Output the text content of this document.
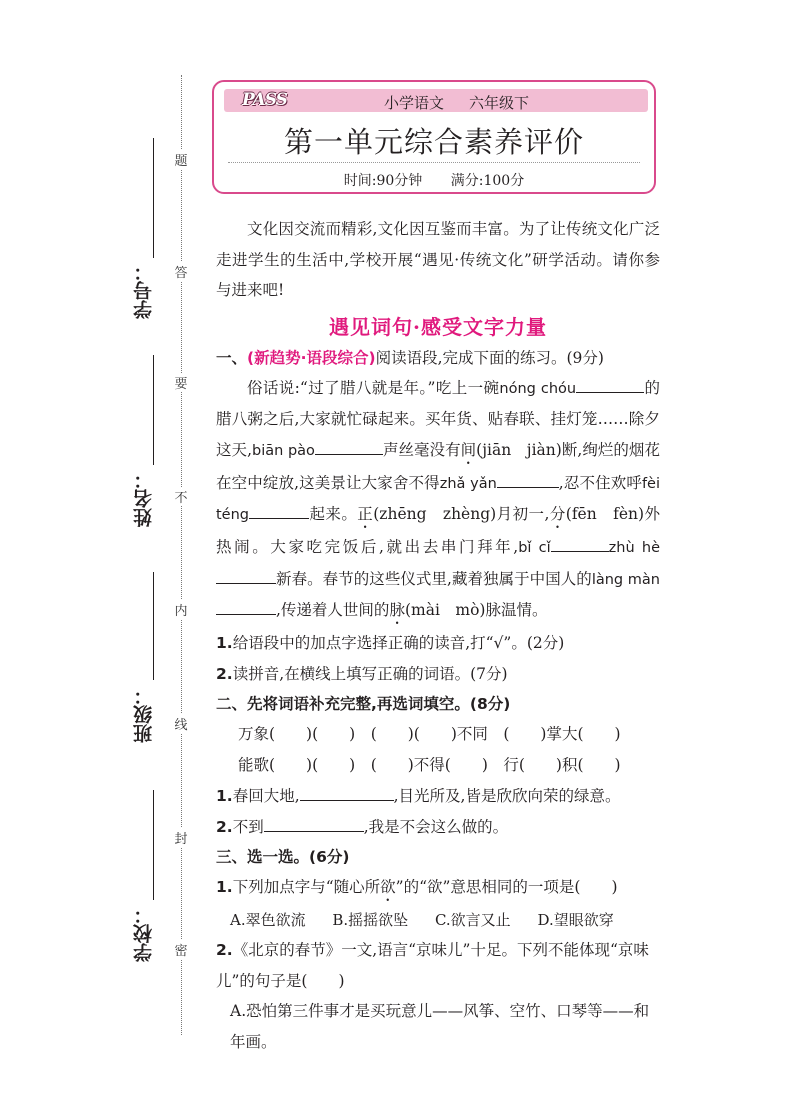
题
答
要
不
内
线
封
密
学号：
姓名：
班级：
学校：
PASS	小学语文 六年级下
第一单元综合素养评价
时间:90分钟 满分:100分

文化因交流而精彩,文化因互鉴而丰富。为了让传统文化广泛走进学生的生活中,学校开展“遇见·传统文化”研学活动。请你参与进来吧!

遇见词句·感受文字力量

一、(新趋势·语段综合)阅读语段,完成下面的练习。(9分)

俗话说:“过了腊八就是年。”吃上一碗nóng chóu	的腊八粥之后,大家就忙碌起来。买年货、贴春联、挂灯笼……除夕这天,biān pào	声丝毫没有间(jiān　jiàn)断,绚烂的烟花在空中绽放,这美景让大家舍不得zhǎ yǎn	,忍不住欢呼fèi téng	起来。正(zhēng　zhèng)月初一,分(fēn　fèn)外热闹。大家吃完饭后,就出去串门拜年,bǐ cǐ	zhù hè新春。春节的这些仪式里,藏着独属于中国人的làng màn,传递着人世间的脉(mài　mò)脉温情。

1.给语段中的加点字选择正确的读音,打“√”。(2分)

2.读拼音,在横线上填写正确的词语。(7分)

二、先将词语补充完整,再选词填空。(8分)

万象(　　)(　　)　(　　)(　　)不同　(　　)掌大(　　)

能歌(　　)(　　)　(　　)不得(　　)　行(　　)积(　　)

1.春回大地,	,目光所及,皆是欣欣向荣的绿意。

2.不到	,我是不会这么做的。

三、选一选。(6分)

1.下列加点字与“随心所欲”的“欲”意思相同的一项是(　　)

A.翠色欲流 B.摇摇欲坠 C.欲言又止 D.望眼欲穿

2.《北京的春节》一文,语言“京味儿”十足。下列不能体现“京味儿”的句子是(　　)

A.恐怕第三件事才是买玩意儿——风筝、空竹、口琴等——和年画。
